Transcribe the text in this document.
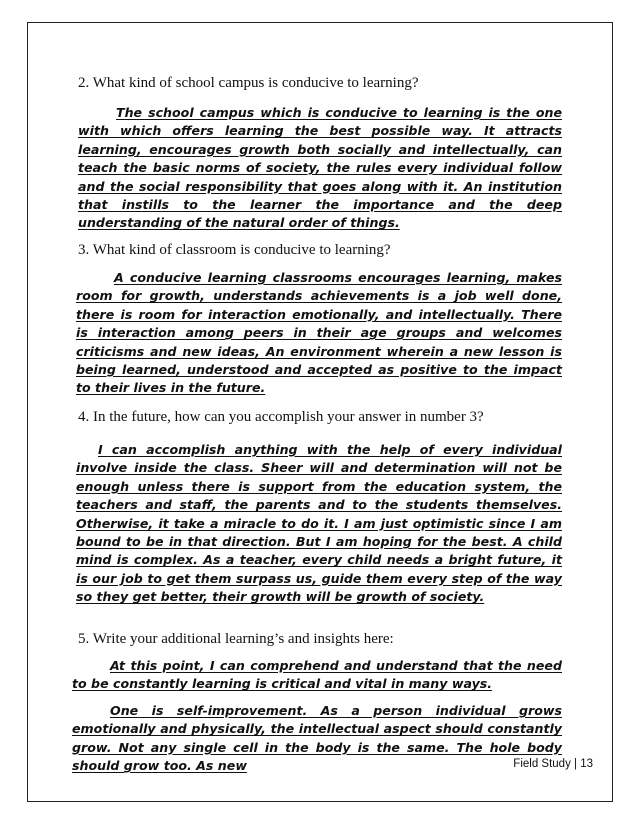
2. What kind of school campus is conducive to learning?

The school campus which is conducive to learning is the one with which offers learning the best possible way. It attracts learning, encourages growth both socially and intellectually, can teach the basic norms of society, the rules every individual follow and the social responsibility that goes along with it. An institution that instills to the learner the importance and the deep understanding of the natural order of things.

3. What kind of classroom is conducive to learning?

A conducive learning classrooms encourages learning, makes room for growth, understands achievements is a job well done, there is room for interaction emotionally, and intellectually. There is interaction among peers in their age groups and welcomes criticisms and new ideas, An environment wherein a new lesson is being learned, understood and accepted as positive to the impact to their lives in the future.

4. In the future, how can you accomplish your answer in number 3?

I can accomplish anything with the help of every individual involve inside the class. Sheer will and determination will not be enough unless there is support from the education system, the teachers and staff, the parents and to the students themselves. Otherwise, it take a miracle to do it. I am just optimistic since I am bound to be in that direction. But I am hoping for the best. A child mind is complex. As a teacher, every child needs a bright future, it is our job to get them surpass us, guide them every step of the way so they get better, their growth will be growth of society.

5. Write your additional learning’s and insights here:

At this point, I can comprehend and understand that the need to be constantly learning is critical and vital in many ways.

One is self-improvement. As a person individual grows emotionally and physically, the intellectual aspect should constantly grow. Not any single cell in the body is the same. The hole body should grow too. As new	Field Study | 13
